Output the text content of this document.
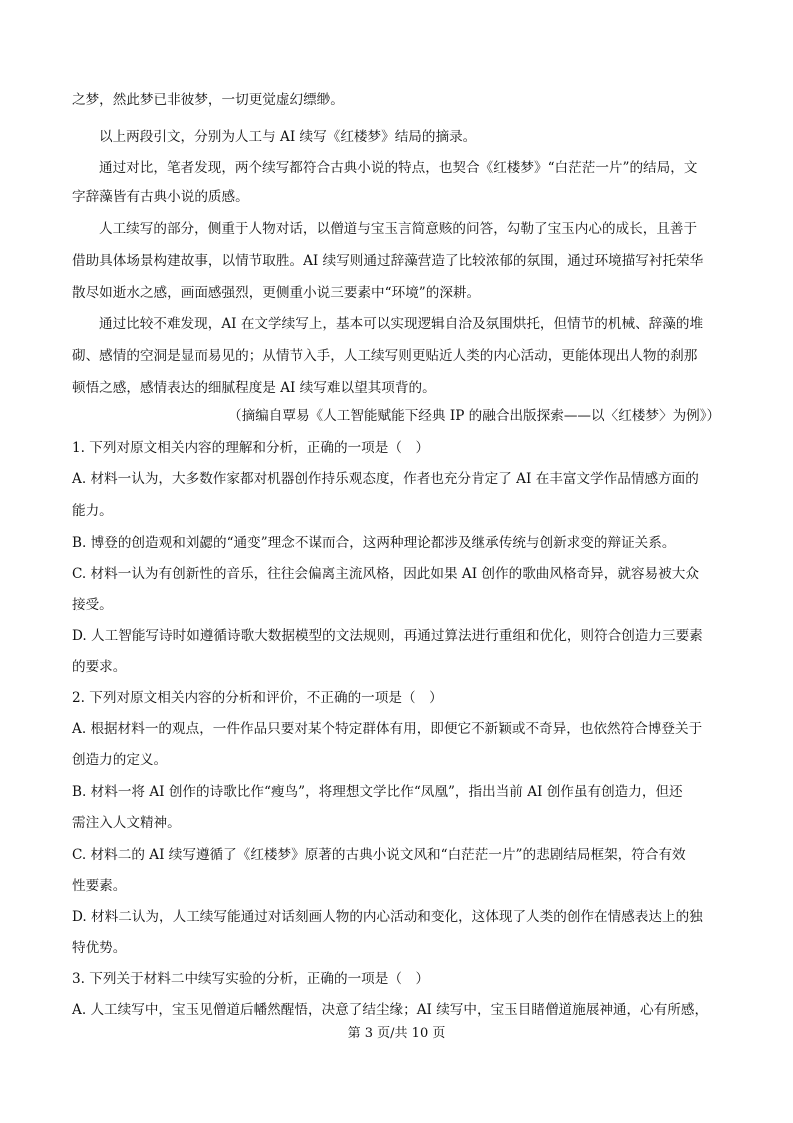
之梦，然此梦已非彼梦，一切更觉虚幻缥缈。
以上两段引文，分别为人工与 AI 续写《红楼梦》结局的摘录。
通过对比，笔者发现，两个续写都符合古典小说的特点，也契合《红楼梦》“白茫茫一片”的结局，文
字辞藻皆有古典小说的质感。
人工续写的部分，侧重于人物对话，以僧道与宝玉言简意赅的问答，勾勒了宝玉内心的成长，且善于
借助具体场景构建故事，以情节取胜。AI 续写则通过辞藻营造了比较浓郁的氛围，通过环境描写衬托荣华
散尽如逝水之感，画面感强烈，更侧重小说三要素中“环境”的深耕。
通过比较不难发现，AI 在文学续写上，基本可以实现逻辑自洽及氛围烘托，但情节的机械、辞藻的堆
砌、感情的空洞是显而易见的；从情节入手，人工续写则更贴近人类的内心活动，更能体现出人物的刹那
顿悟之感，感情表达的细腻程度是 AI 续写难以望其项背的。
（摘编自覃易《人工智能赋能下经典 IP 的融合出版探索——以〈红楼梦〉为例》）
1. 下列对原文相关内容的理解和分析，正确的一项是（　）
A. 材料一认为，大多数作家都对机器创作持乐观态度，作者也充分肯定了 AI 在丰富文学作品情感方面的
能力。
B. 博登的创造观和刘勰的“通变”理念不谋而合，这两种理论都涉及继承传统与创新求变的辩证关系。
C. 材料一认为有创新性的音乐，往往会偏离主流风格，因此如果 AI 创作的歌曲风格奇异，就容易被大众
接受。
D. 人工智能写诗时如遵循诗歌大数据模型的文法规则，再通过算法进行重组和优化，则符合创造力三要素
的要求。
2. 下列对原文相关内容的分析和评价，不正确的一项是（　）
A. 根据材料一的观点，一件作品只要对某个特定群体有用，即便它不新颖或不奇异，也依然符合博登关于
创造力的定义。
B. 材料一将 AI 创作的诗歌比作“瘦鸟”，将理想文学比作“凤凰”，指出当前 AI 创作虽有创造力，但还
需注入人文精神。
C. 材料二的 AI 续写遵循了《红楼梦》原著的古典小说文风和“白茫茫一片”的悲剧结局框架，符合有效
性要素。
D. 材料二认为，人工续写能通过对话刻画人物的内心活动和变化，这体现了人类的创作在情感表达上的独
特优势。
3. 下列关于材料二中续写实验的分析，正确的一项是（　）
A. 人工续写中，宝玉见僧道后幡然醒悟，决意了结尘缘；AI 续写中，宝玉目睹僧道施展神通，心有所感，
第 3 页/共 10 页
